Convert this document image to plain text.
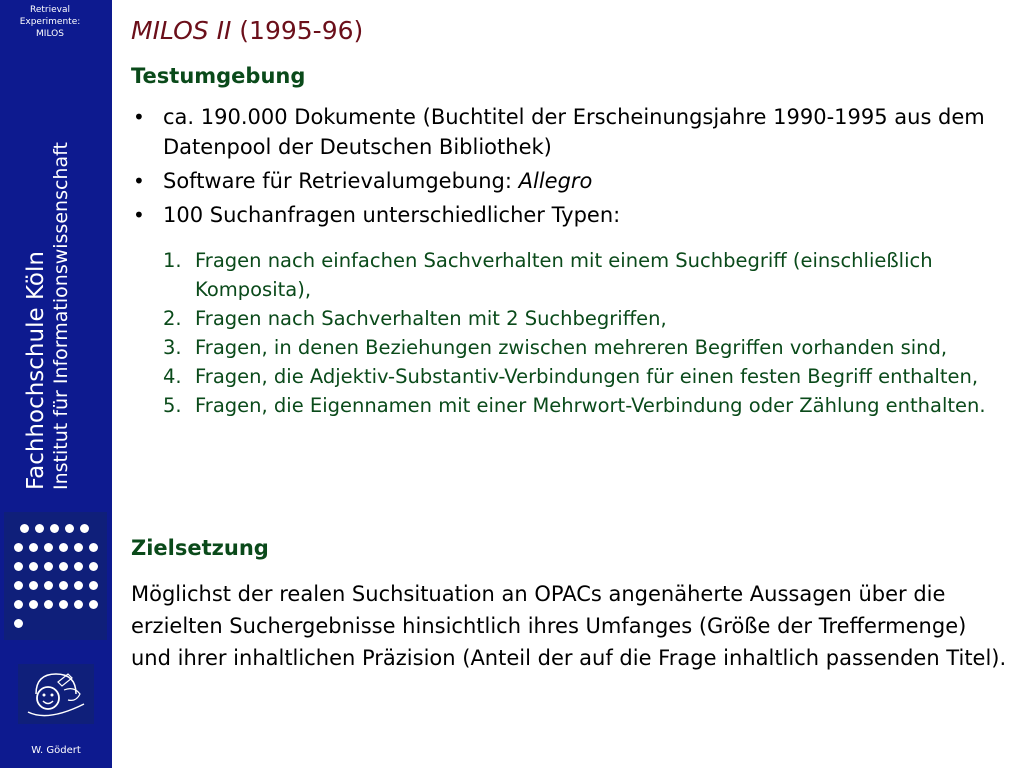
Retrieval
Experimente:
MILOS
Fachhochschule Köln Institut für Informationswissenschaft
W. Gödert
MILOS II (1995-96)
Testumgebung
• ca. 190.000 Dokumente (Buchtitel der Erscheinungsjahre 1990-1995 aus dem Datenpool der Deutschen Bibliothek)
• Software für Retrievalumgebung: Allegro
• 100 Suchanfragen unterschiedlicher Typen:
1. Fragen nach einfachen Sachverhalten mit einem Suchbegriff (einschließlich Komposita),
2. Fragen nach Sachverhalten mit 2 Suchbegriffen,
3. Fragen, in denen Beziehungen zwischen mehreren Begriffen vorhanden sind,
4. Fragen, die Adjektiv-Substantiv-Verbindungen für einen festen Begriff enthalten,
5. Fragen, die Eigennamen mit einer Mehrwort-Verbindung oder Zählung enthalten.
Zielsetzung

Möglichst der realen Suchsituation an OPACs angenäherte Aussagen über die erzielten Suchergebnisse hinsichtlich ihres Umfanges (Größe der Treffermenge) und ihrer inhaltlichen Präzision (Anteil der auf die Frage inhaltlich passenden Titel).
